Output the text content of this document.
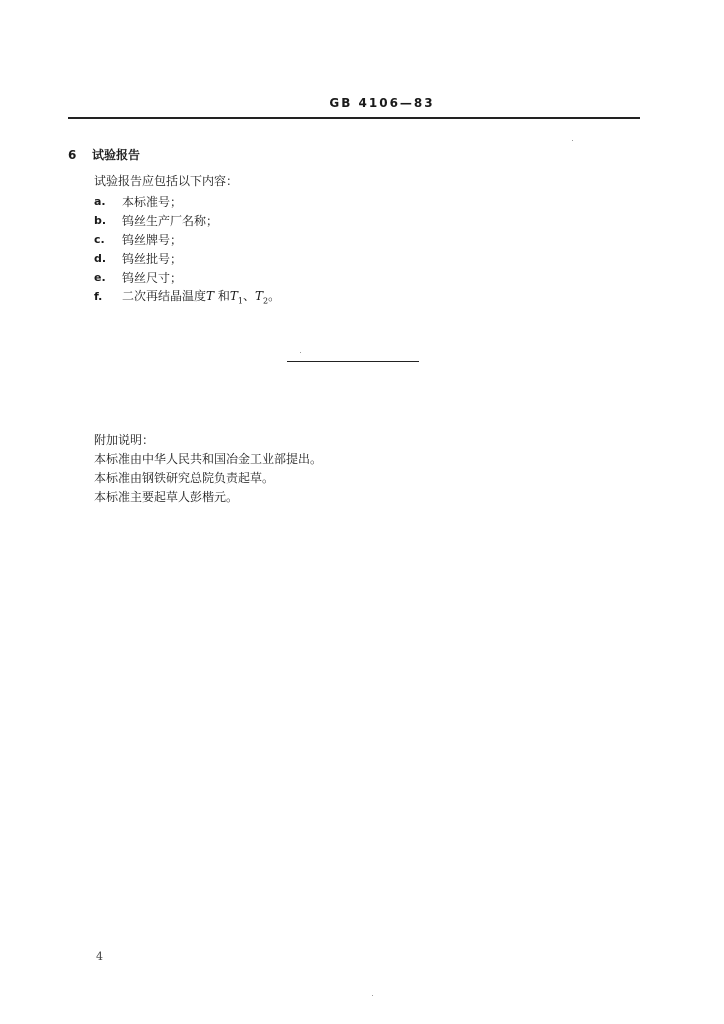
GB 4106—83
6 试验报告
试验报告应包括以下内容：
a.	本标准号；
b.	钨丝生产厂名称；
c.	钨丝牌号；
d.	钨丝批号；
e.	钨丝尺寸；
f.	二次再结晶温度T 和$T_1$、$T_2$。
附加说明：
本标准由中华人民共和国冶金工业部提出。
本标准由钢铁研究总院负责起草。
本标准主要起草人彭楷元。
4
